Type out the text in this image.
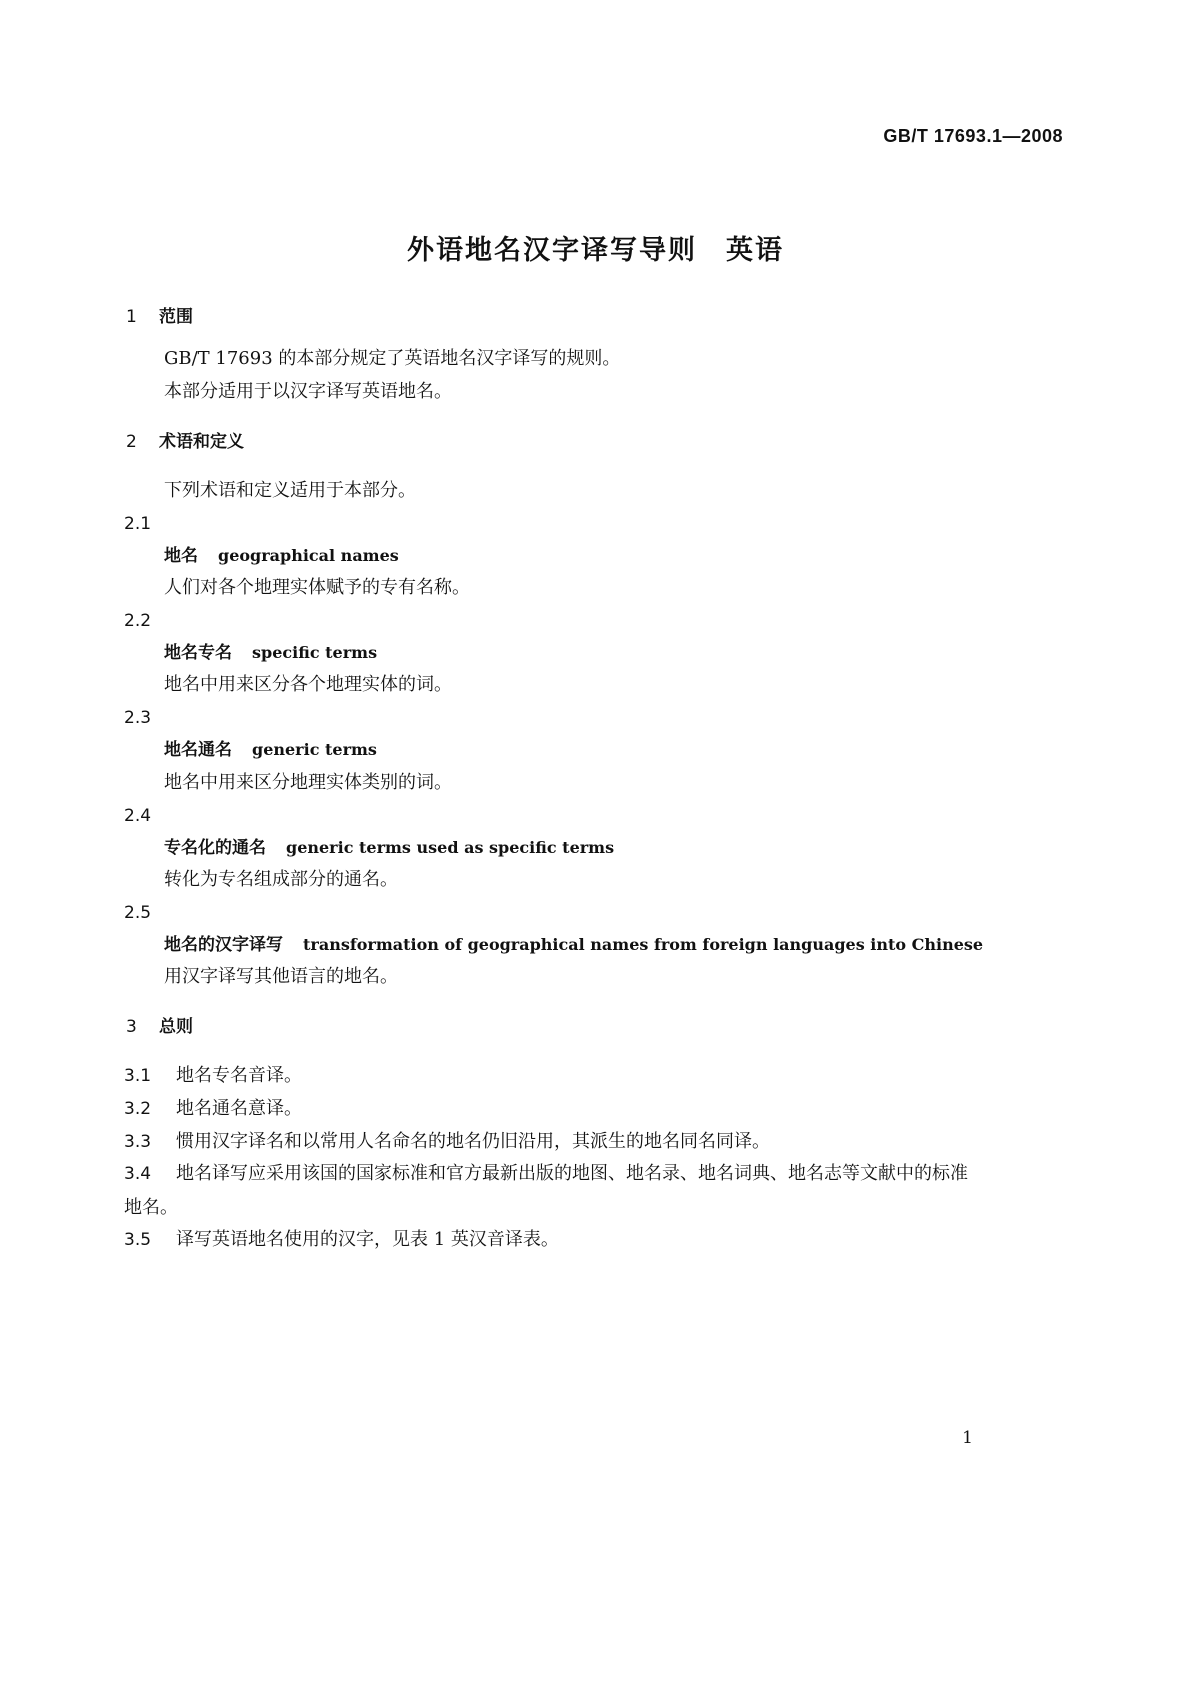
GB/T 17693.1—2008
外语地名汉字译写导则　英语
1 范围
GB/T 17693 的本部分规定了英语地名汉字译写的规则。
本部分适用于以汉字译写英语地名。
2 术语和定义
下列术语和定义适用于本部分。
2.1
地名 geographical names
人们对各个地理实体赋予的专有名称。
2.2
地名专名 specific terms
地名中用来区分各个地理实体的词。
2.3
地名通名 generic terms
地名中用来区分地理实体类别的词。
2.4
专名化的通名 generic terms used as specific terms
转化为专名组成部分的通名。
2.5
地名的汉字译写 transformation of geographical names from foreign languages into Chinese
用汉字译写其他语言的地名。
3 总则
3.1 地名专名音译。
3.2 地名通名意译。
3.3 惯用汉字译名和以常用人名命名的地名仍旧沿用，其派生的地名同名同译。
3.4 地名译写应采用该国的国家标准和官方最新出版的地图、地名录、地名词典、地名志等文献中的标准地名。
3.5 译写英语地名使用的汉字，见表 1 英汉音译表。
1
